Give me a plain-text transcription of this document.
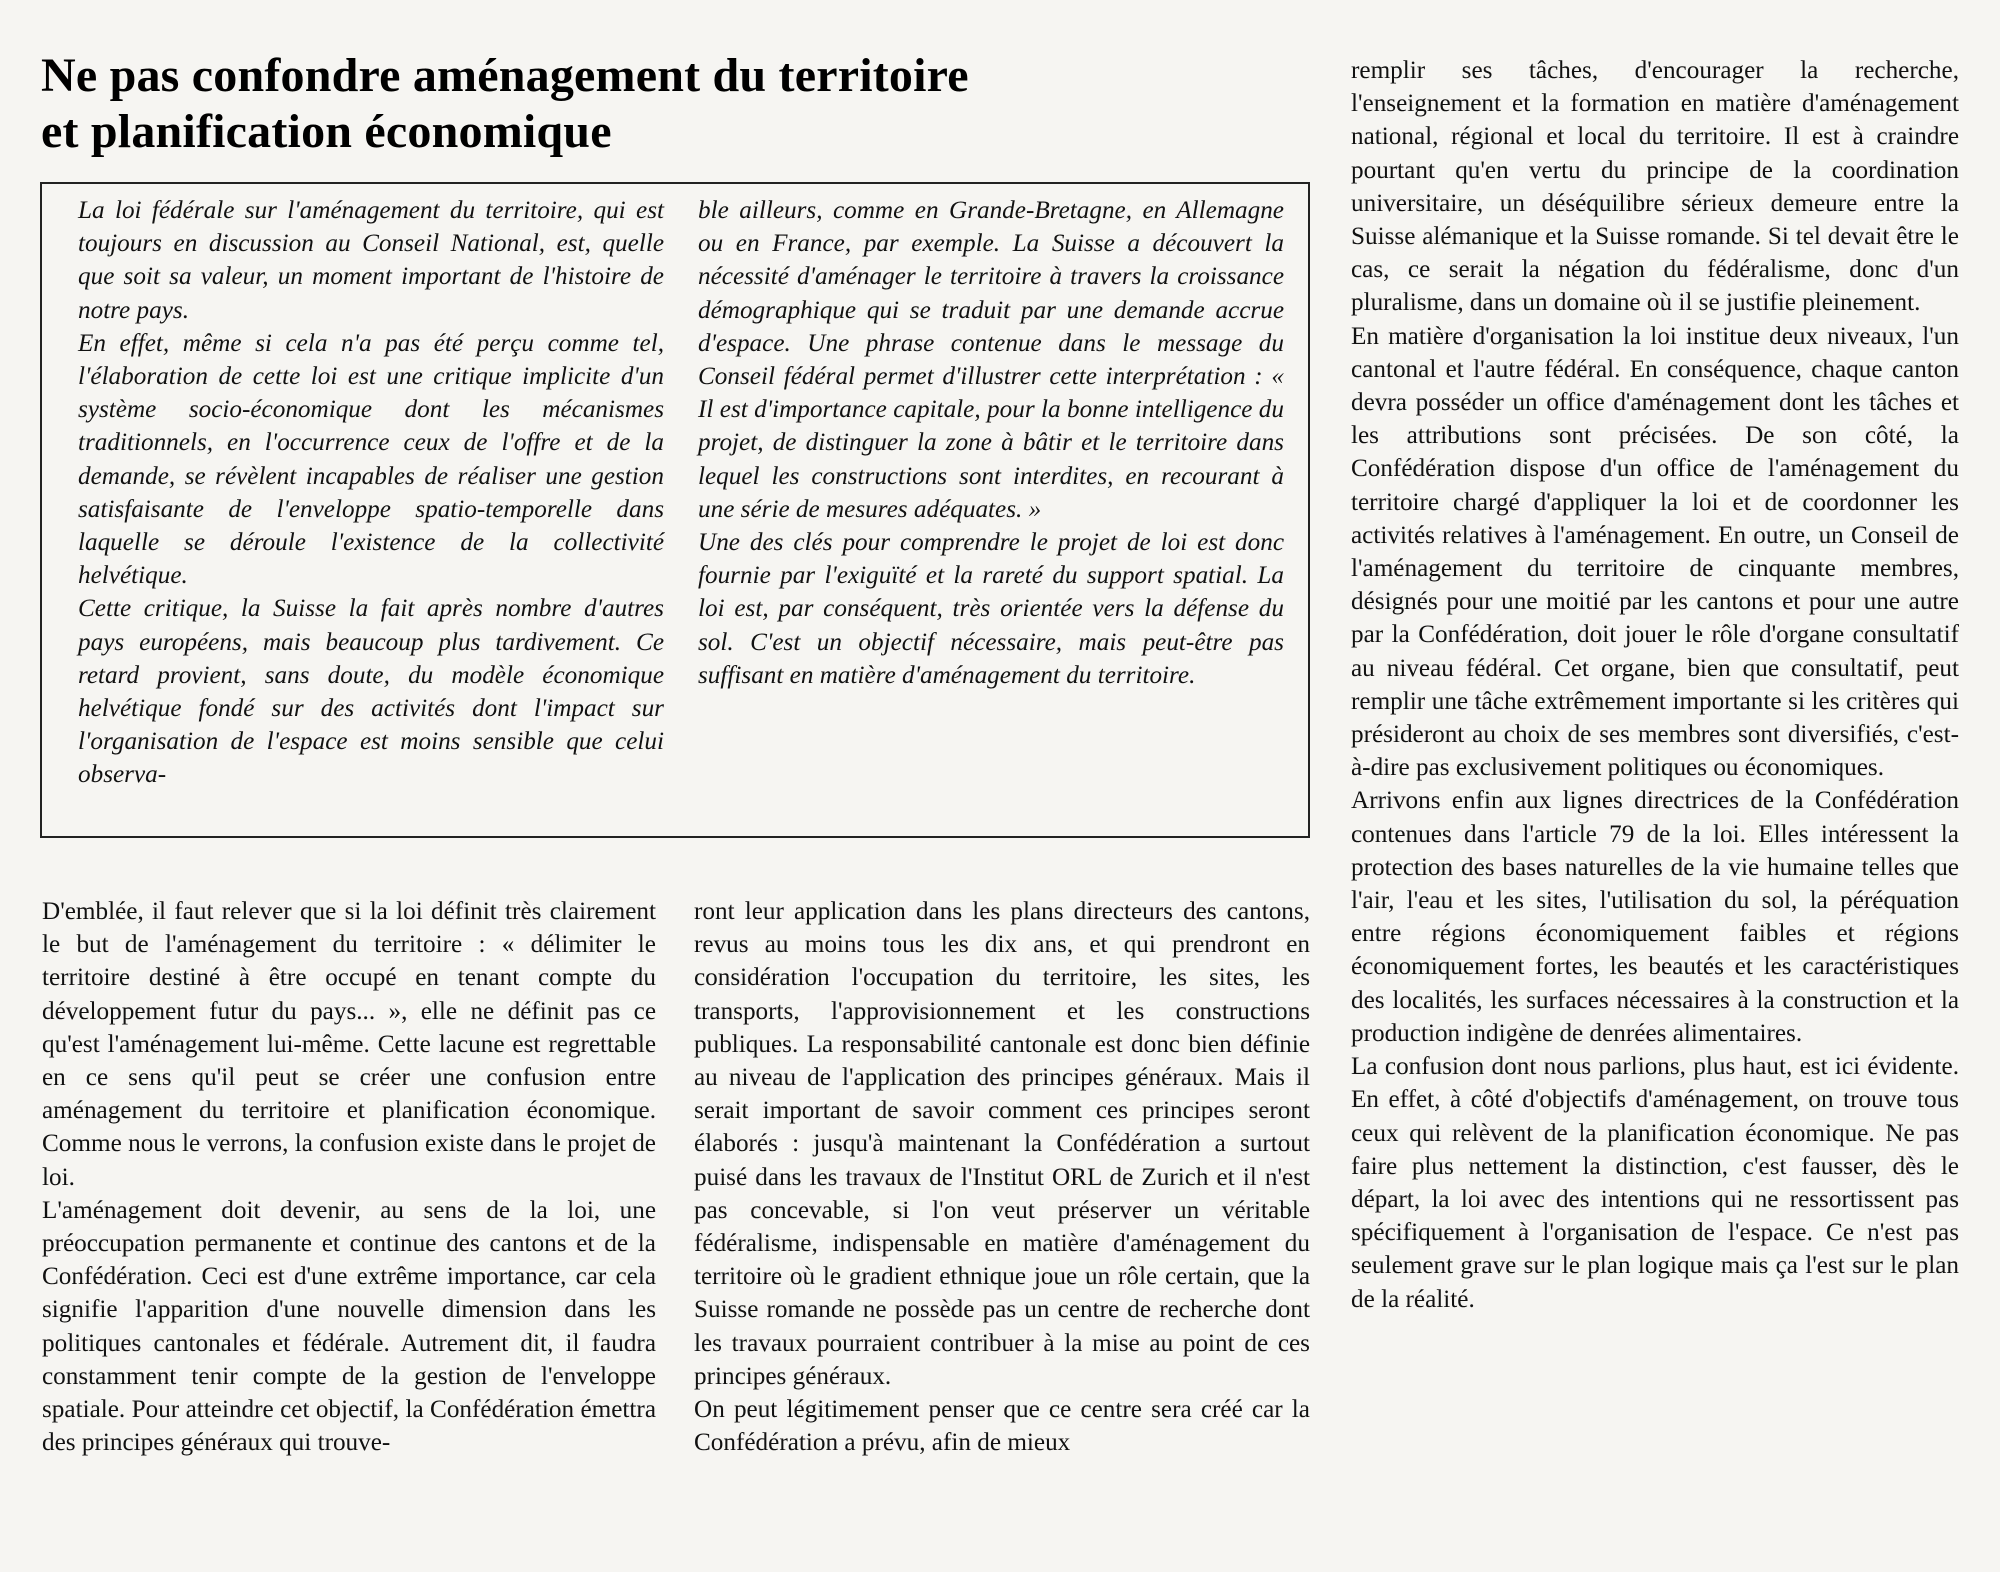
Ne pas confondre aménagement du territoire
et planification économique

La loi fédérale sur l'aménagement du territoire, qui est toujours en discussion au Conseil National, est, quelle que soit sa valeur, un moment important de l'histoire de notre pays.

En effet, même si cela n'a pas été perçu comme tel, l'élaboration de cette loi est une critique implicite d'un système socio-économique dont les mécanismes traditionnels, en l'occurrence ceux de l'offre et de la demande, se révèlent incapables de réaliser une gestion satisfaisante de l'enveloppe spatio-temporelle dans laquelle se déroule l'existence de la collectivité helvétique.

Cette critique, la Suisse la fait après nombre d'autres pays européens, mais beaucoup plus tardivement. Ce retard provient, sans doute, du modèle économique helvétique fondé sur des activités dont l'impact sur l'organisation de l'espace est moins sensible que celui observa-

ble ailleurs, comme en Grande-Bretagne, en Allemagne ou en France, par exemple. La Suisse a découvert la nécessité d'aménager le territoire à travers la croissance démographique qui se traduit par une demande accrue d'espace. Une phrase contenue dans le message du Conseil fédéral permet d'illustrer cette interprétation : « Il est d'importance capitale, pour la bonne intelligence du projet, de distinguer la zone à bâtir et le territoire dans lequel les constructions sont interdites, en recourant à une série de mesures adéquates. »

Une des clés pour comprendre le projet de loi est donc fournie par l'exiguïté et la rareté du support spatial. La loi est, par conséquent, très orientée vers la défense du sol. C'est un objectif nécessaire, mais peut-être pas suffisant en matière d'aménagement du territoire.

D'emblée, il faut relever que si la loi définit très clairement le but de l'aménagement du territoire : « délimiter le territoire destiné à être occupé en tenant compte du développement futur du pays... », elle ne définit pas ce qu'est l'aménagement lui-même. Cette lacune est regrettable en ce sens qu'il peut se créer une confusion entre aménagement du territoire et planification économique. Comme nous le verrons, la confusion existe dans le projet de loi.

L'aménagement doit devenir, au sens de la loi, une préoccupation permanente et continue des cantons et de la Confédération. Ceci est d'une extrême importance, car cela signifie l'apparition d'une nouvelle dimension dans les politiques cantonales et fédérale. Autrement dit, il faudra constamment tenir compte de la gestion de l'enveloppe spatiale. Pour atteindre cet objectif, la Confédération émettra des principes généraux qui trouve-

ront leur application dans les plans directeurs des cantons, revus au moins tous les dix ans, et qui prendront en considération l'occupation du territoire, les sites, les transports, l'approvisionnement et les constructions publiques. La responsabilité cantonale est donc bien définie au niveau de l'application des principes généraux. Mais il serait important de savoir comment ces principes seront élaborés : jusqu'à maintenant la Confédération a surtout puisé dans les travaux de l'Institut ORL de Zurich et il n'est pas concevable, si l'on veut préserver un véritable fédéralisme, indispensable en matière d'aménagement du territoire où le gradient ethnique joue un rôle certain, que la Suisse romande ne possède pas un centre de recherche dont les travaux pourraient contribuer à la mise au point de ces principes généraux.

On peut légitimement penser que ce centre sera créé car la Confédération a prévu, afin de mieux

remplir ses tâches, d'encourager la recherche, l'enseignement et la formation en matière d'aménagement national, régional et local du territoire. Il est à craindre pourtant qu'en vertu du principe de la coordination universitaire, un déséquilibre sérieux demeure entre la Suisse alémanique et la Suisse romande. Si tel devait être le cas, ce serait la négation du fédéralisme, donc d'un pluralisme, dans un domaine où il se justifie pleinement.

En matière d'organisation la loi institue deux niveaux, l'un cantonal et l'autre fédéral. En conséquence, chaque canton devra posséder un office d'aménagement dont les tâches et les attributions sont précisées. De son côté, la Confédération dispose d'un office de l'aménagement du territoire chargé d'appliquer la loi et de coordonner les activités relatives à l'aménagement. En outre, un Conseil de l'aménagement du territoire de cinquante membres, désignés pour une moitié par les cantons et pour une autre par la Confédération, doit jouer le rôle d'organe consultatif au niveau fédéral. Cet organe, bien que consultatif, peut remplir une tâche extrêmement importante si les critères qui présideront au choix de ses membres sont diversifiés, c'est-à-dire pas exclusivement politiques ou économiques.

Arrivons enfin aux lignes directrices de la Confédération contenues dans l'article 79 de la loi. Elles intéressent la protection des bases naturelles de la vie humaine telles que l'air, l'eau et les sites, l'utilisation du sol, la péréquation entre régions économiquement faibles et régions économiquement fortes, les beautés et les caractéristiques des localités, les surfaces nécessaires à la construction et la production indigène de denrées alimentaires.

La confusion dont nous parlions, plus haut, est ici évidente. En effet, à côté d'objectifs d'aménagement, on trouve tous ceux qui relèvent de la planification économique. Ne pas faire plus nettement la distinction, c'est fausser, dès le départ, la loi avec des intentions qui ne ressortissent pas spécifiquement à l'organisation de l'espace. Ce n'est pas seulement grave sur le plan logique mais ça l'est sur le plan de la réalité.
